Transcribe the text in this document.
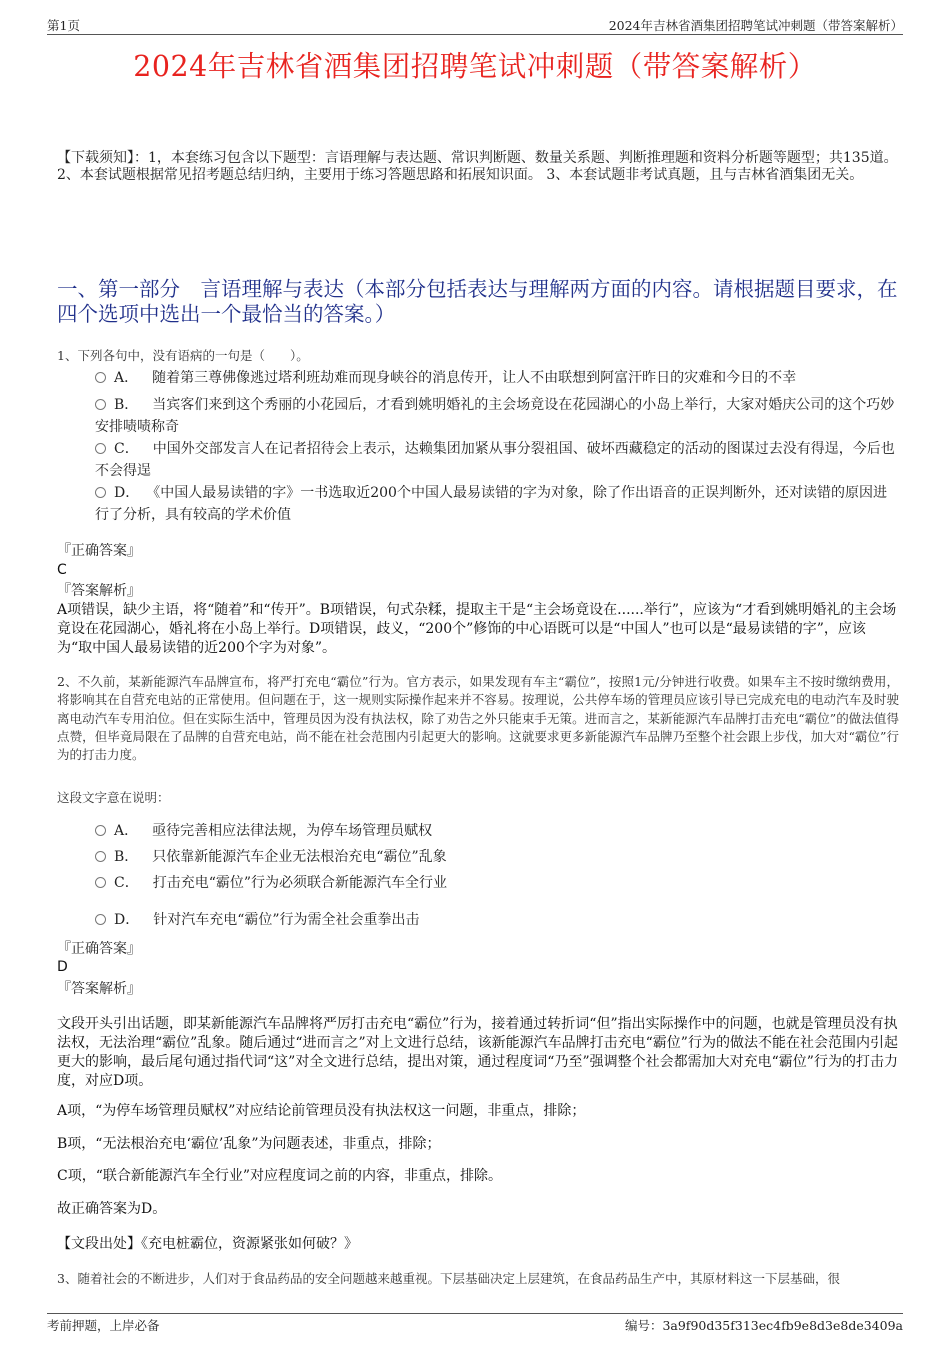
第1页	2024年吉林省酒集团招聘笔试冲刺题（带答案解析）
2024年吉林省酒集团招聘笔试冲刺题（带答案解析）
【下载须知】：1，本套练习包含以下题型：言语理解与表达题、常识判断题、数量关系题、判断推理题和资料分析题等题型；共135道。 2、本套试题根据常见招考题总结归纳，主要用于练习答题思路和拓展知识面。 3、本套试题非考试真题，且与吉林省酒集团无关。
一、第一部分　言语理解与表达（本部分包括表达与理解两方面的内容。请根据题目要求，在四个选项中选出一个最恰当的答案。）
1、下列各句中，没有语病的一句是（　　）。
A． 随着第三尊佛像逃过塔利班劫难而现身峡谷的消息传开，让人不由联想到阿富汗昨日的灾难和今日的不幸
B． 当宾客们来到这个秀丽的小花园后，才看到姚明婚礼的主会场竟设在花园湖心的小岛上举行，大家对婚庆公司的这个巧妙安排啧啧称奇
C． 中国外交部发言人在记者招待会上表示，达赖集团加紧从事分裂祖国、破坏西藏稳定的活动的图谋过去没有得逞，今后也不会得逞
D． 《中国人最易读错的字》一书选取近200个中国人最易读错的字为对象，除了作出语音的正误判断外，还对读错的原因进行了分析，具有较高的学术价值
『正确答案』
C
『答案解析』
A项错误，缺少主语，将“随着”和“传开”。B项错误，句式杂糅，提取主干是“主会场竟设在......举行”，应该为“才看到姚明婚礼的主会场竟设在花园湖心，婚礼将在小岛上举行。D项错误，歧义，“200个”修饰的中心语既可以是“中国人”也可以是“最易读错的字”，应该为“取中国人最易读错的近200个字为对象”。
2、不久前，某新能源汽车品牌宣布，将严打充电“霸位”行为。官方表示，如果发现有车主“霸位”，按照1元/分钟进行收费。如果车主不按时缴纳费用，将影响其在自营充电站的正常使用。但问题在于，这一规则实际操作起来并不容易。按理说，公共停车场的管理员应该引导已完成充电的电动汽车及时驶离电动汽车专用泊位。但在实际生活中，管理员因为没有执法权，除了劝告之外只能束手无策。进而言之，某新能源汽车品牌打击充电“霸位”的做法值得点赞，但毕竟局限在了品牌的自营充电站，尚不能在社会范围内引起更大的影响。这就要求更多新能源汽车品牌乃至整个社会跟上步伐，加大对“霸位”行为的打击力度。
这段文字意在说明：
A． 亟待完善相应法律法规，为停车场管理员赋权
B． 只依靠新能源汽车企业无法根治充电“霸位”乱象
C． 打击充电“霸位”行为必须联合新能源汽车全行业
D． 针对汽车充电“霸位”行为需全社会重拳出击
『正确答案』
D
『答案解析』
文段开头引出话题，即某新能源汽车品牌将严厉打击充电“霸位”行为，接着通过转折词“但”指出实际操作中的问题，也就是管理员没有执法权，无法治理“霸位”乱象。随后通过“进而言之”对上文进行总结，该新能源汽车品牌打击充电“霸位”行为的做法不能在社会范围内引起更大的影响，最后尾句通过指代词“这”对全文进行总结，提出对策，通过程度词“乃至”强调整个社会都需加大对充电“霸位”行为的打击力度，对应D项。
A项，“为停车场管理员赋权”对应结论前管理员没有执法权这一问题，非重点，排除；
B项，“无法根治充电‘霸位’乱象”为问题表述，非重点，排除；
C项，“联合新能源汽车全行业”对应程度词之前的内容，非重点，排除。
故正确答案为D。
【文段出处】《充电桩霸位，资源紧张如何破？》
3、随着社会的不断进步，人们对于食品药品的安全问题越来越重视。下层基础决定上层建筑，在食品药品生产中，其原材料这一下层基础，很
考前押题，上岸必备	编号：3a9f90d35f313ec4fb9e8d3e8de3409a
